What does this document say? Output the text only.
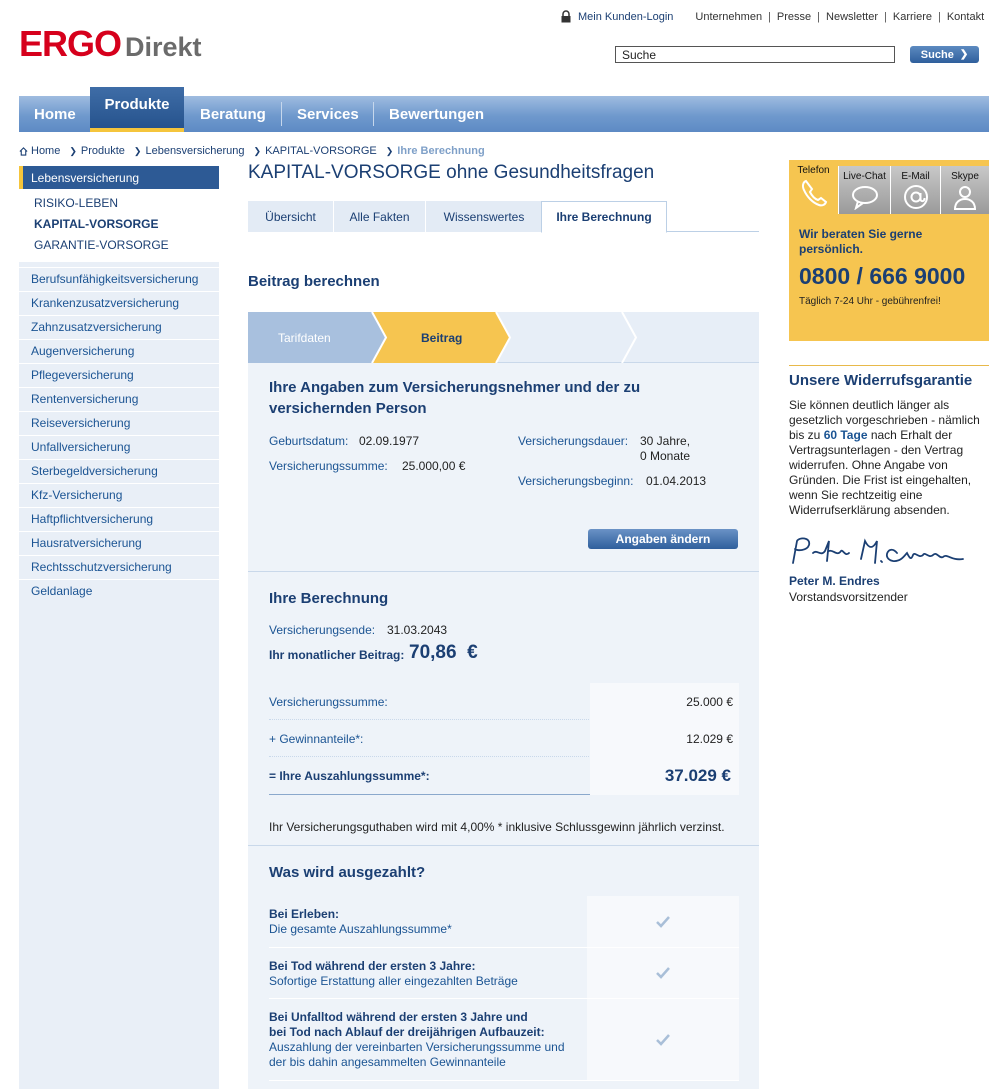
ERGO Direkt
Mein Kunden-Login Unternehmen | Presse | Newsletter | Karriere | Kontakt
Suche
Suche ❯
Home
Produkte
Beratung	Services	Bewertungen
Home ❯ Produkte ❯ Lebensversicherung ❯ KAPITAL-VORSORGE ❯ Ihre Berechnung
Lebensversicherung
RISIKO-LEBEN
KAPITAL-VORSORGE
GARANTIE-VORSORGE
Berufsunfähigkeitsversicherung
Krankenzusatzversicherung
Zahnzusatzversicherung
Augenversicherung
Pflegeversicherung
Rentenversicherung
Reiseversicherung
Unfallversicherung
Sterbegeldversicherung
Kfz-Versicherung
Haftpflichtversicherung
Hausratversicherung
Rechtsschutzversicherung
Geldanlage
KAPITAL-VORSORGE ohne Gesundheitsfragen
Übersicht	Alle Fakten	Wissenswertes	Ihre Berechnung
Beitrag berechnen
Tarifdaten	Beitrag
Ihre Angaben zum Versicherungsnehmer und der zu
versichernden Person
Geburtsdatum: 02.09.1977
Versicherungssumme: 25.000,00 €
Versicherungsdauer: 30 Jahre,
0 Monate
Versicherungsbeginn: 01.04.2013
Angaben ändern
Ihre Berechnung
Versicherungsende: 31.03.2043
Ihr monatlicher Beitrag: 70,86  €
Versicherungssumme:	25.000 €
+ Gewinnanteile*:	12.029 €
= Ihre Auszahlungssumme*:	37.029 €
Ihr Versicherungsguthaben wird mit 4,00% * inklusive Schlussgewinn jährlich verzinst.
Was wird ausgezahlt?
Bei Erleben:
Die gesamte Auszahlungssumme*
Bei Tod während der ersten 3 Jahre:
Sofortige Erstattung aller eingezahlten Beträge
Bei Unfalltod während der ersten 3 Jahre und
bei Tod nach Ablauf der dreijährigen Aufbauzeit:
Auszahlung der vereinbarten Versicherungssumme und
der bis dahin angesammelten Gewinnanteile
Telefon
Live-Chat	E-Mail	Skype
Wir beraten Sie gerne persönlich.
0800 / 666 9000
Täglich 7-24 Uhr - gebührenfrei!
Unsere Widerrufsgarantie

Sie können deutlich länger als gesetzlich vorgeschrieben - nämlich bis zu 60 Tage nach Erhalt der Vertragsunterlagen - den Vertrag widerrufen. Ohne Angabe von Gründen. Die Frist ist eingehalten, wenn Sie rechtzeitig eine Widerrufserklärung absenden.

Peter M. Endres
Vorstandsvorsitzender
